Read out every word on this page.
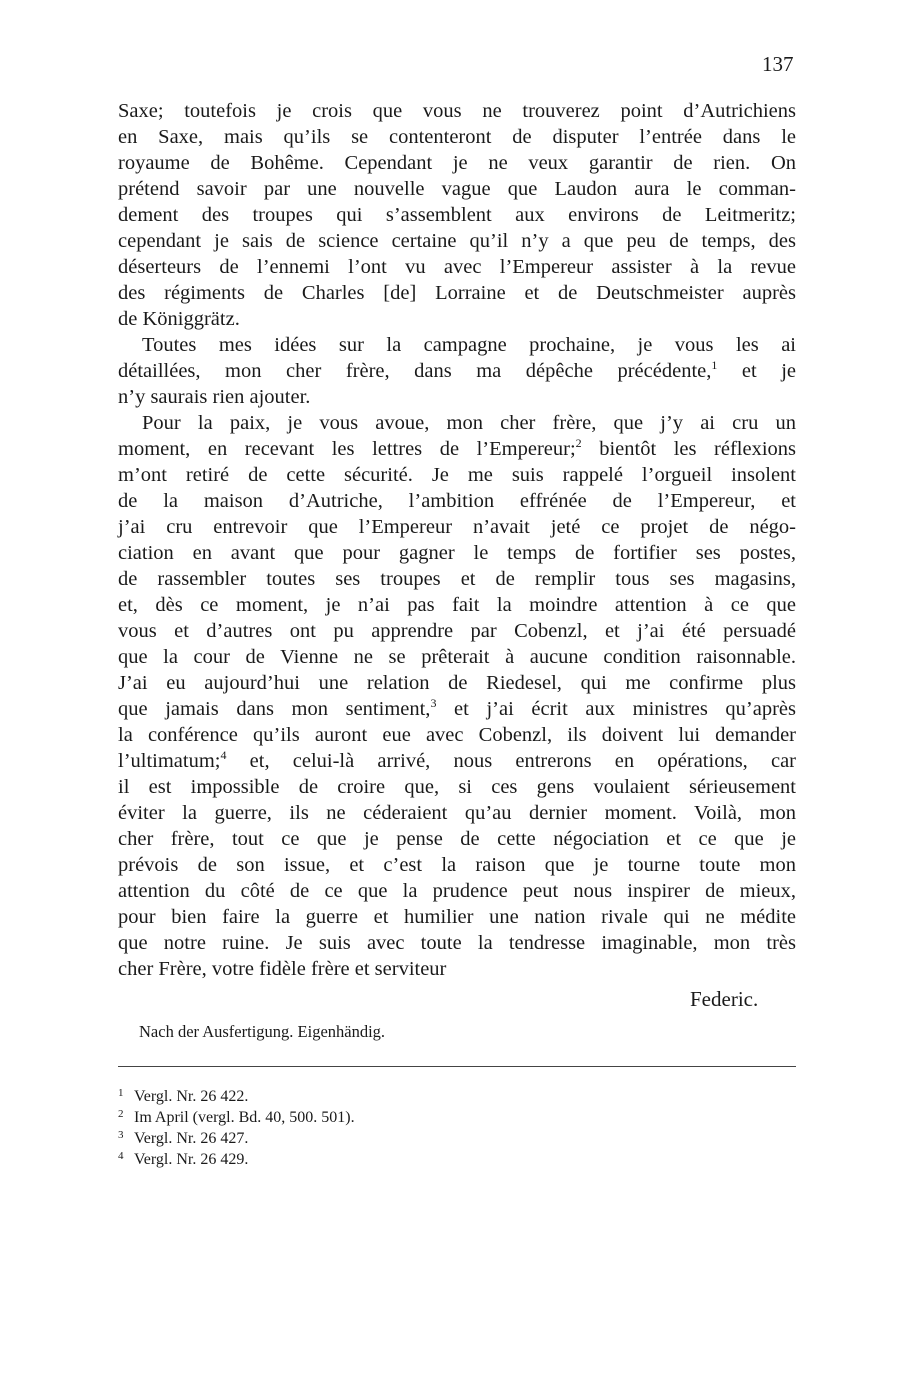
137
Saxe; toutefois je crois que vous ne trouverez point d’Autrichiens
en Saxe, mais qu’ils se contenteront de disputer l’entrée dans le
royaume de Bohême. Cependant je ne veux garantir de rien. On
prétend savoir par une nouvelle vague que Laudon aura le comman-
dement des troupes qui s’assemblent aux environs de Leitmeritz;
cependant je sais de science certaine qu’il n’y a que peu de temps, des
déserteurs de l’ennemi l’ont vu avec l’Empereur assister à la revue
des régiments de Charles [de] Lorraine et de Deutschmeister auprès
de Königgrätz.
Toutes mes idées sur la campagne prochaine, je vous les ai
détaillées, mon cher frère, dans ma dépêche précédente,$^1$ et je
n’y saurais rien ajouter.
Pour la paix, je vous avoue, mon cher frère, que j’y ai cru un
moment, en recevant les lettres de l’Empereur;$^2$ bientôt les réflexions
m’ont retiré de cette sécurité. Je me suis rappelé l’orgueil insolent
de la maison d’Autriche, l’ambition effrénée de l’Empereur, et
j’ai cru entrevoir que l’Empereur n’avait jeté ce projet de négo-
ciation en avant que pour gagner le temps de fortifier ses postes,
de rassembler toutes ses troupes et de remplir tous ses magasins,
et, dès ce moment, je n’ai pas fait la moindre attention à ce que
vous et d’autres ont pu apprendre par Cobenzl, et j’ai été persuadé
que la cour de Vienne ne se prêterait à aucune condition raisonnable.
J’ai eu aujourd’hui une relation de Riedesel, qui me confirme plus
que jamais dans mon sentiment,$^3$ et j’ai écrit aux ministres qu’après
la conférence qu’ils auront eue avec Cobenzl, ils doivent lui demander
l’ultimatum;$^4$ et, celui-là arrivé, nous entrerons en opérations, car
il est impossible de croire que, si ces gens voulaient sérieusement
éviter la guerre, ils ne céderaient qu’au dernier moment. Voilà, mon
cher frère, tout ce que je pense de cette négociation et ce que je
prévois de son issue, et c’est la raison que je tourne toute mon
attention du côté de ce que la prudence peut nous inspirer de mieux,
pour bien faire la guerre et humilier une nation rivale qui ne médite
que notre ruine. Je suis avec toute la tendresse imaginable, mon très
cher Frère, votre fidèle frère et serviteur
Federic.
Nach der Ausfertigung. Eigenhändig.
1 Vergl. Nr. 26 422.
2 Im April (vergl. Bd. 40, 500. 501).
3 Vergl. Nr. 26 427.
4 Vergl. Nr. 26 429.
